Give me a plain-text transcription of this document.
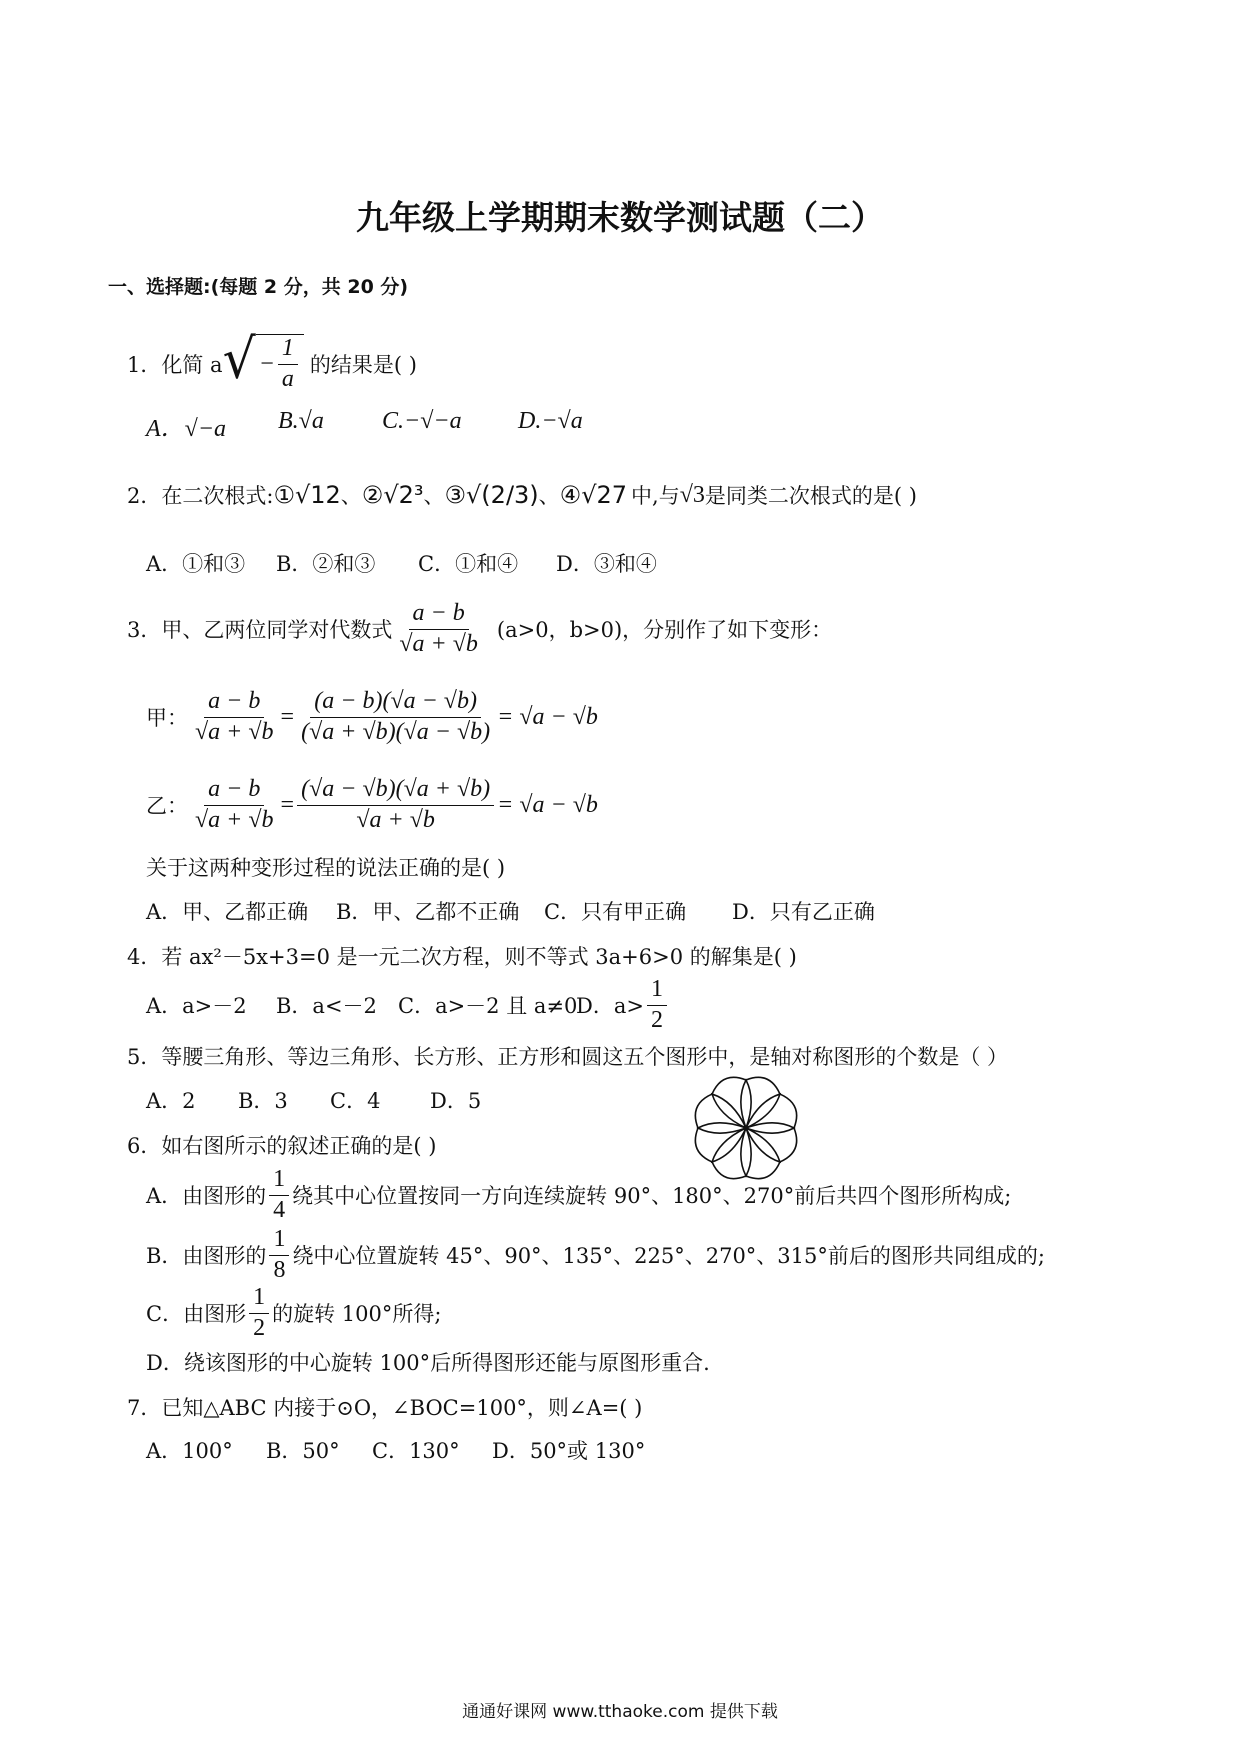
九年级上学期期末数学测试题（二）
一、选择题:(每题 2 分，共 20 分)
1．化简 a √ − $\frac{1}{a}$ 的结果是( )
A．√−a B.√a C.−√−a D.−√a
2．在二次根式: ①√12 、 ②√2³ 、 ③√(2/3) 、 ④√27 中,与 √3 是同类二次根式的是( )
A．①和③ B．②和③ C．①和④ D．③和④
3．甲、乙两位同学对代数式 $\frac{a - b}{√a + √b} (a>0$，b>0)，分别作了如下变形：
甲： $\frac{a - b}{√a + √b} = \frac{(a - b)(√a - √b)}{(√a + √b)(√a - √b)} = √a - √b$
乙： $\frac{a - b}{√a + √b} = \frac{(√a - √b)(√a + √b)}{√a + √b} = √a - √b$
关于这两种变形过程的说法正确的是( )
A．甲、乙都正确 B．甲、乙都不正确 C．只有甲正确 D．只有乙正确
4．若 ax²－5x+3=0 是一元二次方程，则不等式 3a+6>0 的解集是( )
A．a>－2 B．a<－2 C．a>－2 且 a≠0
D．$a> \frac{1}{2}$
5．等腰三角形、等边三角形、长方形、正方形和圆这五个图形中，是轴对称图形的个数是（ ）
A．2 B．3 C．4 D．5
6．如右图所示的叙述正确的是( )
A．由图形的 $\frac{1}{4}$ 绕其中心位置按同一方向连续旋转 90°、180°、270°前后共四个图形所构成;
B．由图形的 $\frac{1}{8}$ 绕中心位置旋转 45°、90°、135°、225°、270°、315°前后的图形共同组成的;
C．由图形 $\frac{1}{2}$ 的旋转 100°所得;
D．绕该图形的中心旋转 100°后所得图形还能与原图形重合.
7．已知△ABC 内接于⊙O，∠BOC=100°，则∠A=( )
A．100° B．50° C．130° D．50°或 130°
通通好课网 www.tthaoke.com 提供下载
